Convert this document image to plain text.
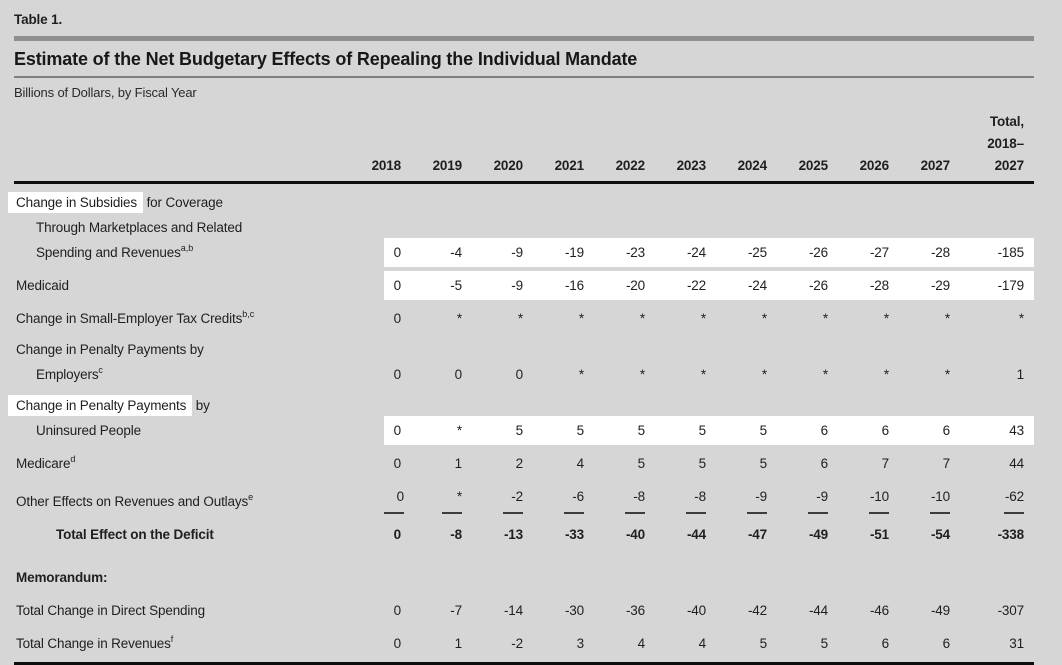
Table 1.
Estimate of the Net Budgetary Effects of Repealing the Individual Mandate
Billions of Dollars, by Fiscal Year
2018	2019	2020	2021	2022	2023	2024	2025	2026	2027
Total,
2018–
2027
Change in Subsidies for Coverage
Through Marketplaces and Related
Spending and Revenues$^{a,b}$	0	-4	-9	-19	-23	-24	-25	-26	-27	-28	-185
Medicaid	0	-5	-9	-16	-20	-22	-24	-26	-28	-29	-179
Change in Small-Employer Tax Credits$^{b,c}$	0	*	*	*	*	*	*	*	*	*	*
Change in Penalty Payments by
Employers$^c$	0	0	0	*	*	*	*	*	*	*	1
Change in Penalty Payments by
Uninsured People	0	*	5	5	5	5	5	6	6	6	43
Medicare$^d$	0	1	2	4	5	5	5	6	7	7	44
Other Effects on Revenues and Outlays$^e$	0	*	-2	-6	-8	-8	-9	-9	-10	-10	-62
Total Effect on the Deficit	0	-8	-13	-33	-40	-44	-47	-49	-51	-54	-338
Memorandum:
Total Change in Direct Spending	0	-7	-14	-30	-36	-40	-42	-44	-46	-49	-307
Total Change in Revenues$^f$	0	1	-2	3	4	4	5	5	6	6	31
